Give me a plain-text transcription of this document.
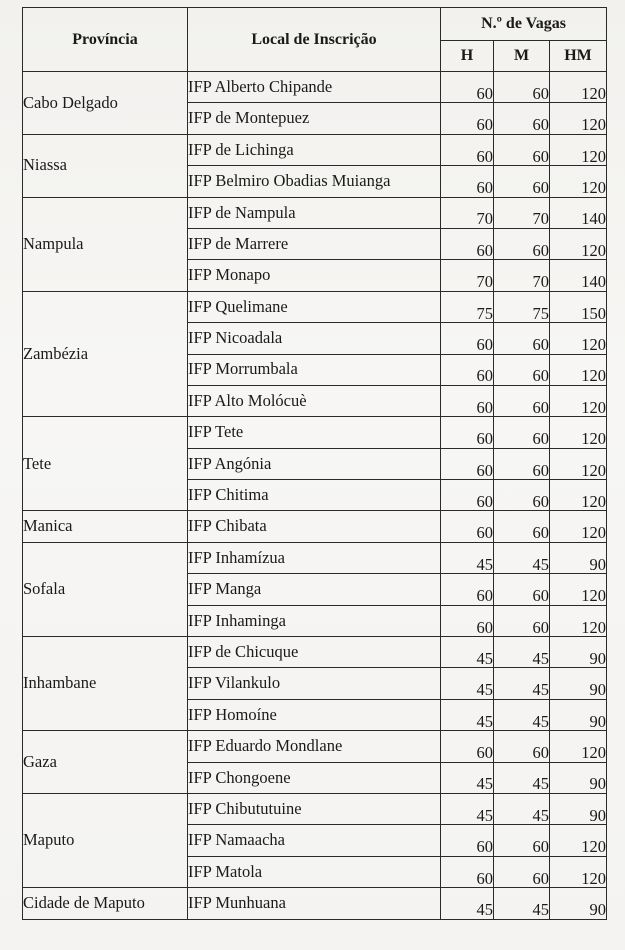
Província	Local de Inscrição	N.º de Vagas		
		H	M	HM
Cabo Delgado	IFP Alberto Chipande	60	60	120
	IFP de Montepuez	60	60	120
Niassa	IFP de Lichinga	60	60	120
	IFP Belmiro Obadias Muianga	60	60	120
Nampula	IFP de Nampula	70	70	140
	IFP de Marrere	60	60	120
	IFP Monapo	70	70	140
Zambézia	IFP Quelimane	75	75	150
	IFP Nicoadala	60	60	120
	IFP Morrumbala	60	60	120
	IFP Alto Molócuè	60	60	120
Tete	IFP Tete	60	60	120
	IFP Angónia	60	60	120
	IFP Chitima	60	60	120
Manica	IFP Chibata	60	60	120
Sofala	IFP Inhamízua	45	45	90
	IFP Manga	60	60	120
	IFP Inhaminga	60	60	120
Inhambane	IFP de Chicuque	45	45	90
	IFP Vilankulo	45	45	90
	IFP Homoíne	45	45	90
Gaza	IFP Eduardo Mondlane	60	60	120
	IFP Chongoene	45	45	90
Maputo	IFP Chibututuine	45	45	90
	IFP Namaacha	60	60	120
	IFP Matola	60	60	120
Cidade de Maputo	IFP Munhuana	45	45	90
